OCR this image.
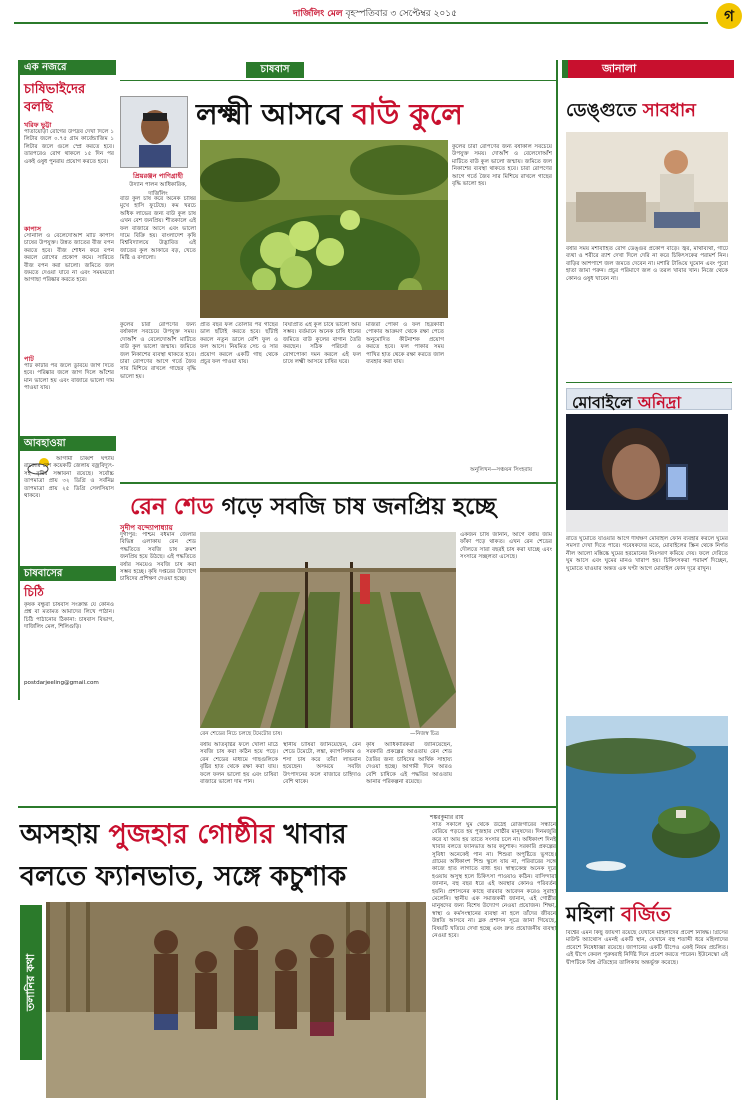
দার্জিলিং মেল বৃহস্পতিবার ৩ সেপ্টেম্বর ২০১৫	গ
এক নজরে
চাষিভাইদের
বলছি
খরিফ ভুট্টা
পাতায়োড়া রোগের উপদ্রব দেখা দিলে ১ লিটার জলে ০.৭৫ গ্রাম কার্বেন্ডাজিম ১ লিটার জলে গুলে স্প্রে করতে হবে। তারপরেও রোগ থাকলে ১৫ দিন পর একই ওষুধ পুনরায় প্রয়োগ করতে হবে।
কাপাস
সোনালি ও বেলেদোআঁশ মাটি কাপাস চাষের উপযুক্ত। উন্নত জাতের বীজ বপন করতে হবে। বীজ শোধন করে বপন করলে রোগের প্রকোপ কমে। সারিতে বীজ বপন করা ভালো। জমিতে জল জমতে দেওয়া যাবে না এবং সময়মতো আগাছা পরিষ্কার করতে হবে।
পাট
পাট কাটার পর জলে ডুবিয়ে জাগ দিতে হবে। পরিষ্কার জলে জাগ দিলে আঁশের মান ভালো হয় এবং বাজারে ভালো দাম পাওয়া যায়।
আবহাওয়া
আগামী চব্বিশ ঘণ্টায় রাজ্যের বেশ কয়েকটি জেলায় বজ্রবিদ্যুৎ-সহ বৃষ্টির সম্ভাবনা রয়েছে। সর্বোচ্চ তাপমাত্রা প্রায় ৩২ ডিগ্রি ও সর্বনিম্ন তাপমাত্রা প্রায় ২৫ ডিগ্রি সেলসিয়াস থাকবে।
চাষবাসের
চিঠি
কৃষক বন্ধুরা চাষবাস সংক্রান্ত যে কোনও প্রশ্ন বা মতামত আমাদের লিখে পাঠান। চিঠি পাঠানোর ঠিকানা: চাষবাস বিভাগ, দার্জিলিং মেল, শিলিগুড়ি।
postdarjeeling@gmail.com
চাষবাস
প্রিয়রঞ্জন পাণিগ্রাহী
উদ্যান পালন আধিকারিক, দার্জিলিং
লক্ষ্মী আসবে বাউ কুলে
বাউ কুল চাষ করে অনেক চাষির মুখে হাসি ফুটেছে। কম খরচে অধিক লাভের জন্য বাউ কুল চাষ এখন বেশ জনপ্রিয়। শীতকালে এই ফল বাজারে আসে এবং ভালো দামে বিক্রি হয়। বাংলাদেশ কৃষি বিশ্ববিদ্যালয়ে উদ্ভাবিত এই জাতের কুল আকারে বড়, খেতে মিষ্টি ও রসালো।
কুলের চারা রোপণের জন্য বর্ষাকাল সবচেয়ে উপযুক্ত সময়। দোআঁশ ও বেলেদোআঁশ মাটিতে বাউ কুল ভালো জন্মায়। জমিতে জল নিকাশের ব্যবস্থা থাকতে হবে। চারা রোপণের আগে গর্তে জৈব সার মিশিয়ে রাখলে গাছের বৃদ্ধি ভালো হয়।
প্রতি বছর ফল তোলার পর গাছের ডাল ছাঁটাই করতে হবে। ছাঁটাই করলে নতুন ডালে বেশি ফুল ও ফল আসে। নিয়মিত সেচ ও সার প্রয়োগ করলে একটি গাছ থেকে প্রচুর ফল পাওয়া যায়।
বিঘাপ্রতি এই কুল চাষে ভালো আয় সম্ভব। বর্তমানে অনেক চাষি ধানের জমিতে বাউ কুলের বাগান তৈরি করছেন। সঠিক পরিচর্যা ও রোগপোকা দমন করলে এই ফল চাষে লক্ষ্মী আসবে চাষির ঘরে।
মাজরা পোকা ও ফল ছিদ্রকারী পোকার আক্রমণ থেকে রক্ষা পেতে অনুমোদিত কীটনাশক প্রয়োগ করতে হবে। ফল পাকার সময় পাখির হাত থেকে রক্ষা করতে জাল ব্যবহার করা যায়।
কুলের চারা রোপণের জন্য বর্ষাকাল সবচেয়ে উপযুক্ত সময়। দোআঁশ ও বেলেদোআঁশ মাটিতে বাউ কুল ভালো জন্মায়। জমিতে জল নিকাশের ব্যবস্থা থাকতে হবে। চারা রোপণের আগে গর্তে জৈব সার মিশিয়ে রাখলে গাছের বৃদ্ধি ভালো হয়।
অনুলিখন—সঞ্চয়ন সিংহরায়
রেন শেড গড়ে সবজি চাষ জনপ্রিয় হচ্ছে
সুদীপ বন্দ্যোপাধ্যায়
দুর্গাপুর: পশ্চিম বর্ধমান জেলার বিভিন্ন এলাকায় রেন শেড পদ্ধতিতে সবজি চাষ ক্রমশ জনপ্রিয় হয়ে উঠছে। এই পদ্ধতিতে বর্ষার সময়েও সবজি চাষ করা সম্ভব হচ্ছে। কৃষি দপ্তরের উদ্যোগে চাষিদের প্রশিক্ষণ দেওয়া হচ্ছে।
রেন শেডের নিচে চলছে টমেটোর চাষ।	—নিজস্ব চিত্র
বর্ষায় অতিবৃষ্টির ফলে খোলা মাঠে সবজি চাষ করা কঠিন হয়ে পড়ে। রেন শেডের মাধ্যমে গাছগুলিকে বৃষ্টির হাত থেকে রক্ষা করা যায়। ফলে ফলন ভালো হয় এবং চাষিরা বাজারে ভালো দাম পান।
স্থানীয় চাষিরা জানিয়েছেন, রেন শেডে টমেটো, লঙ্কা, ক্যাপসিকাম ও শসা চাষ করে তাঁরা লাভবান হয়েছেন। অসময়ে সবজি উৎপাদনের ফলে বাজারে চাহিদাও বেশি থাকে।
কৃষি আধিকারিকরা জানিয়েছেন, সরকারি প্রকল্পের আওতায় রেন শেড তৈরির জন্য চাষিদের আর্থিক সাহায্য দেওয়া হচ্ছে। আগামী দিনে আরও বেশি চাষিকে এই পদ্ধতির আওতায় আনার পরিকল্পনা রয়েছে।
একজন চাষি জানান, আগে বর্ষায় জমি ফাঁকা পড়ে থাকত। এখন রেন শেডের দৌলতে সারা বছরই চাষ করা যাচ্ছে এবং সংসারে সচ্ছলতা এসেছে।
অসহায় পুজহার গোষ্ঠীর খাবার
বলতে ফ্যানভাত, সঙ্গে কচুশাক
শঙ্করকুমার রায়
তলানির কথা
সাত সকালে ঘুম থেকে উঠেই রোজগারের সন্ধানে বেরিয়ে পড়তে হয় পুজহার গোষ্ঠীর মানুষদের। দিনমজুরি করে যা আয় হয় তাতে সংসার চলে না। অধিকাংশ দিনই খাবার বলতে ফ্যানভাত আর কচুশাক। সরকারি প্রকল্পের সুবিধা অনেকেই পান না। শিশুরা অপুষ্টিতে ভুগছে। গ্রামের অধিকাংশ শিশু স্কুলে যায় না, পরিবারের সঙ্গে কাজে হাত লাগাতে বাধ্য হয়। স্বাস্থ্যকেন্দ্র অনেক দূরে হওয়ায় অসুস্থ হলে চিকিৎসা পাওয়াও কঠিন। বাসিন্দারা জানান, বহু বছর ধরে এই অবস্থার কোনও পরিবর্তন হয়নি। প্রশাসনের কাছে বারবার আবেদন করেও সুরাহা মেলেনি। স্থানীয় এক সমাজকর্মী জানান, এই গোষ্ঠীর মানুষদের জন্য বিশেষ উদ্যোগ নেওয়া প্রয়োজন। শিক্ষা, স্বাস্থ্য ও কর্মসংস্থানের ব্যবস্থা না হলে তাঁদের জীবনে উন্নতি আসবে না। ব্লক প্রশাসন সূত্রে জানা গিয়েছে, বিষয়টি খতিয়ে দেখা হচ্ছে এবং দ্রুত প্রয়োজনীয় ব্যবস্থা নেওয়া হবে।
জানালা
ডেঙ্গুতে সাবধান
বর্ষার সময় মশাবাহিত রোগ ডেঙ্গুর প্রকোপ বাড়ে। জ্বর, মাথাব্যথা, গাঁটে ব্যথা ও শরীরে র‍্যাশ দেখা দিলে দেরি না করে চিকিৎসকের পরামর্শ নিন। বাড়ির আশপাশে জল জমতে দেবেন না। মশারি টাঙিয়ে ঘুমোন এবং পুরো হাতা জামা পরুন। প্রচুর পরিমাণে জল ও তরল খাবার খান। নিজে থেকে কোনও ওষুধ খাবেন না।
মোবাইলে অনিদ্রা
রাতে ঘুমোতে যাওয়ার আগে দীর্ঘক্ষণ মোবাইল ফোন ব্যবহার করলে ঘুমের সমস্যা দেখা দিতে পারে। গবেষকদের মতে, মোবাইলের স্ক্রিন থেকে নির্গত নীল আলো মস্তিষ্কে ঘুমের হরমোনের নিঃসরণ কমিয়ে দেয়। ফলে দেরিতে ঘুম আসে এবং ঘুমের মানও খারাপ হয়। চিকিৎসকরা পরামর্শ দিচ্ছেন, ঘুমোতে যাওয়ার অন্তত এক ঘণ্টা আগে মোবাইল ফোন দূরে রাখুন।
মহিলা বর্জিত
বিশ্বের এমন কিছু জায়গা রয়েছে যেখানে মহিলাদের প্রবেশ নিষিদ্ধ। গ্রিসের মাউন্ট অ্যাথোস এমনই একটি স্থান, যেখানে বহু শতাব্দী ধরে মহিলাদের প্রবেশে নিষেধাজ্ঞা রয়েছে। জাপানের একটি দ্বীপেও একই নিয়ম প্রচলিত। এই দ্বীপে কেবল পুরুষরাই নির্দিষ্ট দিনে প্রবেশ করতে পারেন। ইউনেস্কো এই দ্বীপটিকে বিশ্ব ঐতিহ্যের তালিকায় অন্তর্ভুক্ত করেছে।
